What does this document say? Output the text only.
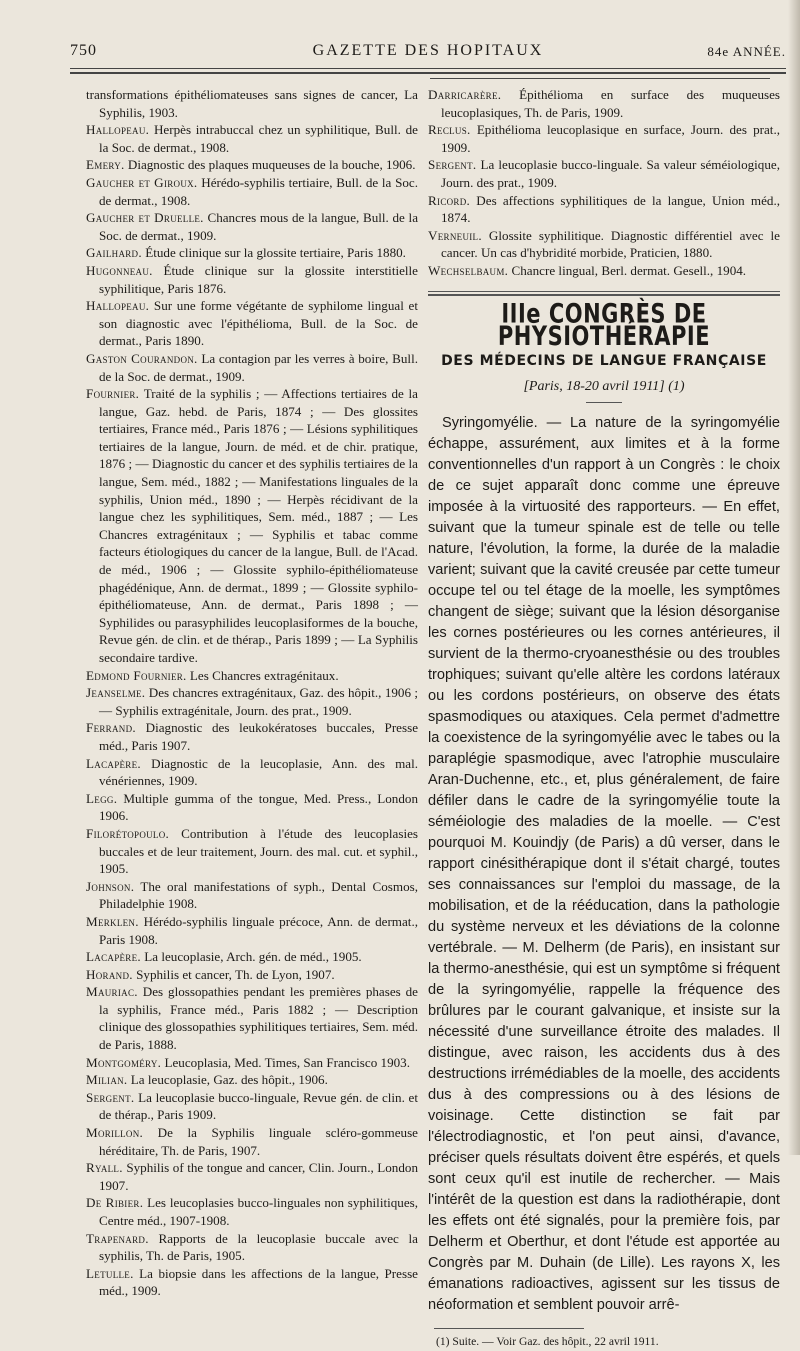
750	GAZETTE DES HOPITAUX	84e ANNÉE.

transformations épithéliomateuses sans signes de cancer, La Syphilis, 1903.

Hallopeau. Herpès intrabuccal chez un syphilitique, Bull. de la Soc. de dermat., 1908.

Emery. Diagnostic des plaques muqueuses de la bouche, 1906.

Gaucher et Giroux. Hérédo-syphilis tertiaire, Bull. de la Soc. de dermat., 1908.

Gaucher et Druelle. Chancres mous de la langue, Bull. de la Soc. de dermat., 1909.

Gailhard. Étude clinique sur la glossite tertiaire, Paris 1880.

Hugonneau. Étude clinique sur la glossite interstitielle syphilitique, Paris 1876.

Hallopeau. Sur une forme végétante de syphilome lingual et son diagnostic avec l'épithélioma, Bull. de la Soc. de dermat., Paris 1890.

Gaston Courandon. La contagion par les verres à boire, Bull. de la Soc. de dermat., 1909.

Fournier. Traité de la syphilis ; — Affections tertiaires de la langue, Gaz. hebd. de Paris, 1874 ; — Des glossites tertiaires, France méd., Paris 1876 ; — Lésions syphilitiques tertiaires de la langue, Journ. de méd. et de chir. pratique, 1876 ; — Diagnostic du cancer et des syphilis tertiaires de la langue, Sem. méd., 1882 ; — Manifestations linguales de la syphilis, Union méd., 1890 ; — Herpès récidivant de la langue chez les syphilitiques, Sem. méd., 1887 ; — Les Chancres extragénitaux ; — Syphilis et tabac comme facteurs étiologiques du cancer de la langue, Bull. de l'Acad. de méd., 1906 ; — Glossite syphilo-épithéliomateuse phagédénique, Ann. de dermat., 1899 ; — Glossite syphilo-épithéliomateuse, Ann. de dermat., Paris 1898 ; — Syphilides ou parasyphilides leucoplasiformes de la bouche, Revue gén. de clin. et de thérap., Paris 1899 ; — La Syphilis secondaire tardive.

Edmond Fournier. Les Chancres extragénitaux.

Jeanselme. Des chancres extragénitaux, Gaz. des hôpit., 1906 ; — Syphilis extragénitale, Journ. des prat., 1909.

Ferrand. Diagnostic des leukokératoses buccales, Presse méd., Paris 1907.

Lacapère. Diagnostic de la leucoplasie, Ann. des mal. vénériennes, 1909.

Legg. Multiple gumma of the tongue, Med. Press., London 1906.

Filorétopoulo. Contribution à l'étude des leucoplasies buccales et de leur traitement, Journ. des mal. cut. et syphil., 1905.

Johnson. The oral manifestations of syph., Dental Cosmos, Philadelphie 1908.

Merklen. Hérédo-syphilis linguale précoce, Ann. de dermat., Paris 1908.

Lacapère. La leucoplasie, Arch. gén. de méd., 1905.

Horand. Syphilis et cancer, Th. de Lyon, 1907.

Mauriac. Des glossopathies pendant les premières phases de la syphilis, France méd., Paris 1882 ; — Description clinique des glossopathies syphilitiques tertiaires, Sem. méd. de Paris, 1888.

Montgoméry. Leucoplasia, Med. Times, San Francisco 1903.

Milian. La leucoplasie, Gaz. des hôpit., 1906.

Sergent. La leucoplasie bucco-linguale, Revue gén. de clin. et de thérap., Paris 1909.

Morillon. De la Syphilis linguale scléro-gommeuse héréditaire, Th. de Paris, 1907.

Ryall. Syphilis of the tongue and cancer, Clin. Journ., London 1907.

De Ribier. Les leucoplasies bucco-linguales non syphilitiques, Centre méd., 1907-1908.

Trapenard. Rapports de la leucoplasie buccale avec la syphilis, Th. de Paris, 1905.

Letulle. La biopsie dans les affections de la langue, Presse méd., 1909.

Darricarère. Épithélioma en surface des muqueuses leucoplasiques, Th. de Paris, 1909.

Reclus. Epithélioma leucoplasique en surface, Journ. des prat., 1909.

Sergent. La leucoplasie bucco-linguale. Sa valeur séméiologique, Journ. des prat., 1909.

Ricord. Des affections syphilitiques de la langue, Union méd., 1874.

Verneuil. Glossite syphilitique. Diagnostic différentiel avec le cancer. Un cas d'hybridité morbide, Praticien, 1880.

Wechselbaum. Chancre lingual, Berl. dermat. Gesell., 1904.

IIIe CONGRÈS DE PHYSIOTHÉRAPIE
DES MÉDECINS DE LANGUE FRANÇAISE
[Paris, 18-20 avril 1911] (1)

Syringomyélie. — La nature de la syringomyélie échappe, assurément, aux limites et à la forme conventionnelles d'un rapport à un Congrès : le choix de ce sujet apparaît donc comme une épreuve imposée à la virtuosité des rapporteurs. — En effet, suivant que la tumeur spinale est de telle ou telle nature, l'évolution, la forme, la durée de la maladie varient; suivant que la cavité creusée par cette tumeur occupe tel ou tel étage de la moelle, les symptômes changent de siège; suivant que la lésion désorganise les cornes postérieures ou les cornes antérieures, il survient de la thermo-cryoanesthésie ou des troubles trophiques; suivant qu'elle altère les cordons latéraux ou les cordons postérieurs, on observe des états spasmodiques ou ataxiques. Cela permet d'admettre la coexistence de la syringomyélie avec le tabes ou la paraplégie spasmodique, avec l'atrophie musculaire Aran-Duchenne, etc., et, plus généralement, de faire défiler dans le cadre de la syringomyélie toute la séméiologie des maladies de la moelle. — C'est pourquoi M. Kouindjy (de Paris) a dû verser, dans le rapport cinésithérapique dont il s'était chargé, toutes ses connaissances sur l'emploi du massage, de la mobilisation, et de la rééducation, dans la pathologie du système nerveux et les déviations de la colonne vertébrale. — M. Delherm (de Paris), en insistant sur la thermo-anesthésie, qui est un symptôme si fréquent de la syringomyélie, rappelle la fréquence des brûlures par le courant galvanique, et insiste sur la nécessité d'une surveillance étroite des malades. Il distingue, avec raison, les accidents dus à des destructions irrémédiables de la moelle, des accidents dus à des compressions ou à des lésions de voisinage. Cette distinction se fait par l'électrodiagnostic, et l'on peut ainsi, d'avance, préciser quels résultats doivent être espérés, et quels sont ceux qu'il est inutile de rechercher. — Mais l'intérêt de la question est dans la radiothérapie, dont les effets ont été signalés, pour la première fois, par Delherm et Oberthur, et dont l'étude est apportée au Congrès par M. Duhain (de Lille). Les rayons X, les émanations radioactives, agissent sur les tissus de néoformation et semblent pouvoir arrê-

(1) Suite. — Voir Gaz. des hôpit., 22 avril 1911.
